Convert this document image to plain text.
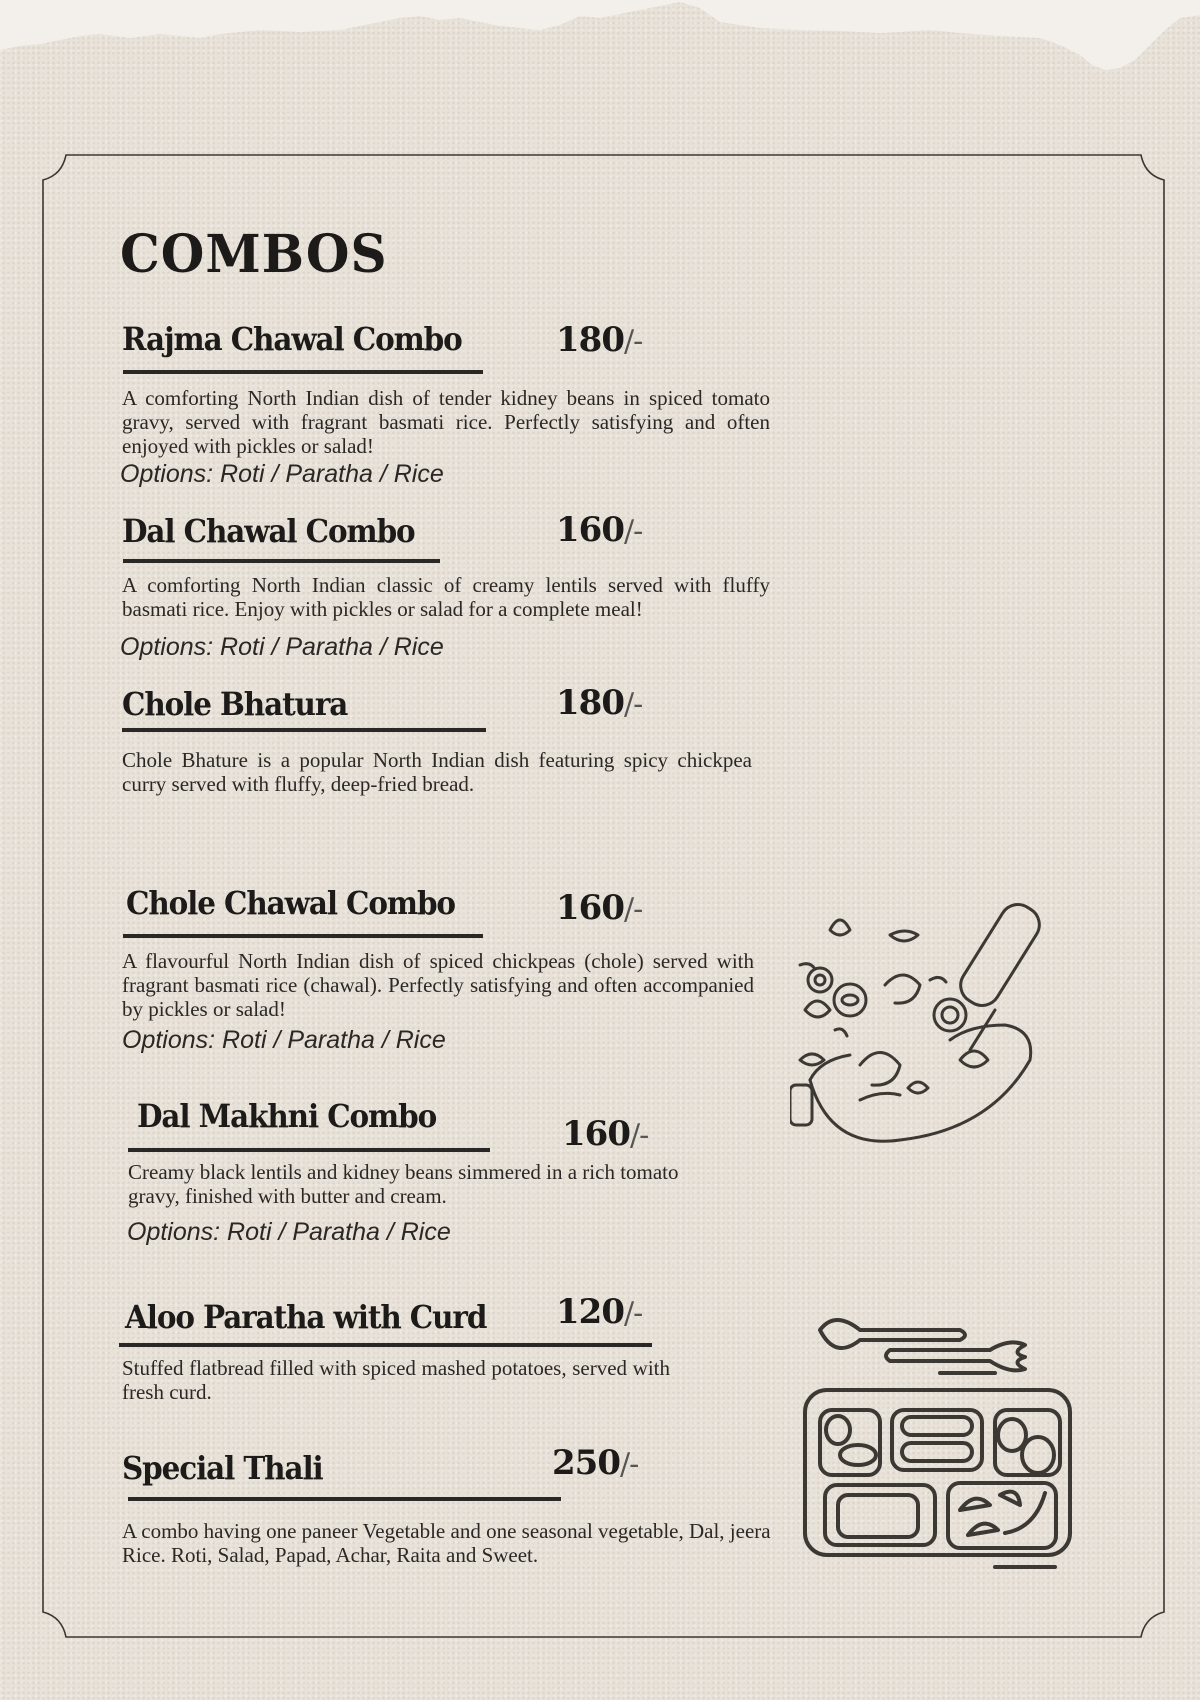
COMBOS
Rajma Chawal Combo	180/-
A comforting North Indian dish of tender kidney beans in spiced tomato gravy, served with fragrant basmati rice. Perfectly satisfying and often enjoyed with pickles or salad!
Options: Roti / Paratha / Rice
Dal Chawal Combo	160/-
A comforting North Indian classic of creamy lentils served with fluffy basmati rice. Enjoy with pickles or salad for a complete meal!
Options: Roti / Paratha / Rice
Chole Bhatura	180/-
Chole Bhature is a popular North Indian dish featuring spicy chickpea curry served with fluffy, deep-fried bread.
Chole Chawal Combo	160/-
A flavourful North Indian dish of spiced chickpeas (chole) served with fragrant basmati rice (chawal). Perfectly satisfying and often accompanied by pickles or salad!
Options: Roti / Paratha / Rice
Dal Makhni Combo	160/-
Creamy black lentils and kidney beans simmered in a rich tomato gravy, finished with butter and cream.
Options: Roti / Paratha / Rice
Aloo Paratha with Curd 120/-
Stuffed flatbread filled with spiced mashed potatoes, served with fresh curd.
Special Thali	250/-
A combo having one paneer Vegetable and one seasonal vegetable, Dal, jeera Rice. Roti, Salad, Papad, Achar, Raita and Sweet.
